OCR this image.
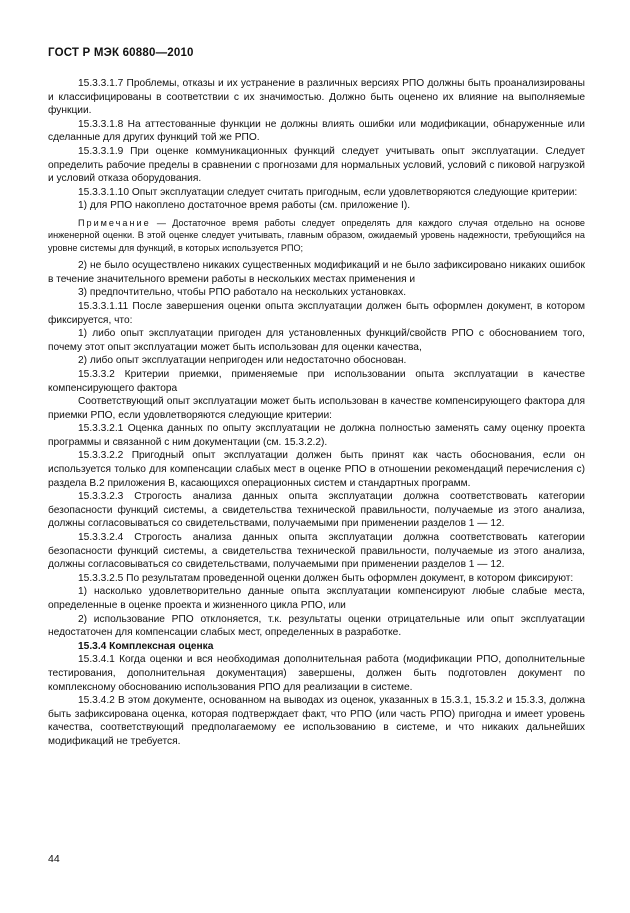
ГОСТ Р МЭК 60880—2010

15.3.3.1.7 Проблемы, отказы и их устранение в различных версиях РПО должны быть проанализированы и классифицированы в соответствии с их значимостью. Должно быть оценено их влияние на выполняемые функции.

15.3.3.1.8 На аттестованные функции не должны влиять ошибки или модификации, обнаруженные или сделанные для других функций той же РПО.

15.3.3.1.9 При оценке коммуникационных функций следует учитывать опыт эксплуатации. Следует определить рабочие пределы в сравнении с прогнозами для нормальных условий, условий с пиковой нагрузкой и условий отказа оборудования.

15.3.3.1.10 Опыт эксплуатации следует считать пригодным, если удовлетворяются следующие критерии:

1) для РПО накоплено достаточное время работы (см. приложение I).

Примечание — Достаточное время работы следует определять для каждого случая отдельно на основе инженерной оценки. В этой оценке следует учитывать, главным образом, ожидаемый уровень надежности, требующийся на уровне системы для функций, в которых используется РПО;

2) не было осуществлено никаких существенных модификаций и не было зафиксировано никаких ошибок в течение значительного времени работы в нескольких местах применения и

3) предпочтительно, чтобы РПО работало на нескольких установках.

15.3.3.1.11 После завершения оценки опыта эксплуатации должен быть оформлен документ, в котором фиксируется, что:

1) либо опыт эксплуатации пригоден для установленных функций/свойств РПО с обоснованием того, почему этот опыт эксплуатации может быть использован для оценки качества,

2) либо опыт эксплуатации непригоден или недостаточно обоснован.

15.3.3.2 Критерии приемки, применяемые при использовании опыта эксплуатации в качестве компенсирующего фактора

Соответствующий опыт эксплуатации может быть использован в качестве компенсирующего фактора для приемки РПО, если удовлетворяются следующие критерии:

15.3.3.2.1 Оценка данных по опыту эксплуатации не должна полностью заменять саму оценку проекта программы и связанной с ним документации (см. 15.3.2.2).

15.3.3.2.2 Пригодный опыт эксплуатации должен быть принят как часть обоснования, если он используется только для компенсации слабых мест в оценке РПО в отношении рекомендаций перечисления с) раздела В.2 приложения В, касающихся операционных систем и стандартных программ.

15.3.3.2.3 Строгость анализа данных опыта эксплуатации должна соответствовать категории безопасности функций системы, а свидетельства технической правильности, получаемые из этого анализа, должны согласовываться со свидетельствами, получаемыми при применении разделов 1 — 12.

15.3.3.2.4 Строгость анализа данных опыта эксплуатации должна соответствовать категории безопасности функций системы, а свидетельства технической правильности, получаемые из этого анализа, должны согласовываться со свидетельствами, получаемыми при применении разделов 1 — 12.

15.3.3.2.5 По результатам проведенной оценки должен быть оформлен документ, в котором фиксируют:

1) насколько удовлетворительно данные опыта эксплуатации компенсируют любые слабые места, определенные в оценке проекта и жизненного цикла РПО, или

2) использование РПО отклоняется, т.к. результаты оценки отрицательные или опыт эксплуатации недостаточен для компенсации слабых мест, определенных в разработке.

15.3.4 Комплексная оценка

15.3.4.1 Когда оценки и вся необходимая дополнительная работа (модификации РПО, дополнительные тестирования, дополнительная документация) завершены, должен быть подготовлен документ по комплексному обоснованию использования РПО для реализации в системе.

15.3.4.2 В этом документе, основанном на выводах из оценок, указанных в 15.3.1, 15.3.2 и 15.3.3, должна быть зафиксирована оценка, которая подтверждает факт, что РПО (или часть РПО) пригодна и имеет уровень качества, соответствующий предполагаемому ее использованию в системе, и что никаких дальнейших модификаций не требуется.

44
